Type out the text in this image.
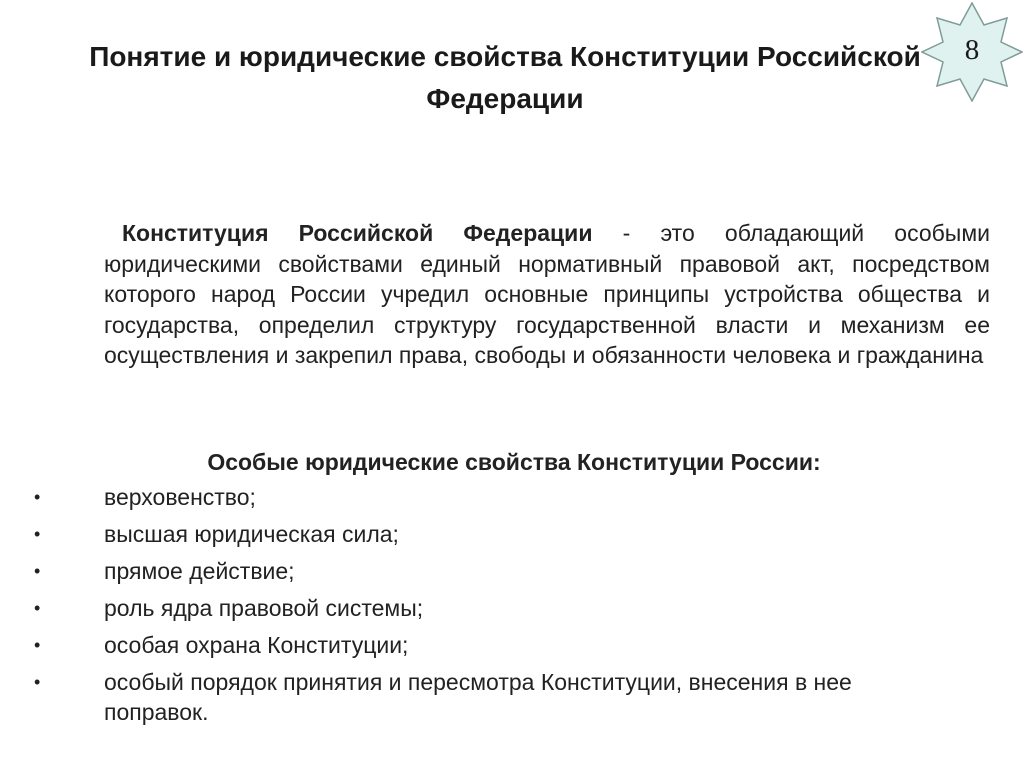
Понятие и юридические свойства Конституции Российской Федерации
8
Конституция Российской Федерации - это обладающий особыми юридическими свойствами единый нормативный правовой акт, посредством которого народ России учредил основные принципы устройства общества и государства, определил структуру государственной власти и механизм ее осуществления и закрепил права, свободы и обязанности человека и гражданина
Особые юридические свойства Конституции России:
•	верховенство;
•	высшая юридическая сила;
•	прямое действие;
•	роль ядра правовой системы;
•	особая охрана Конституции;
•	особый порядок принятия и пересмотра Конституции, внесения в нее поправок.
